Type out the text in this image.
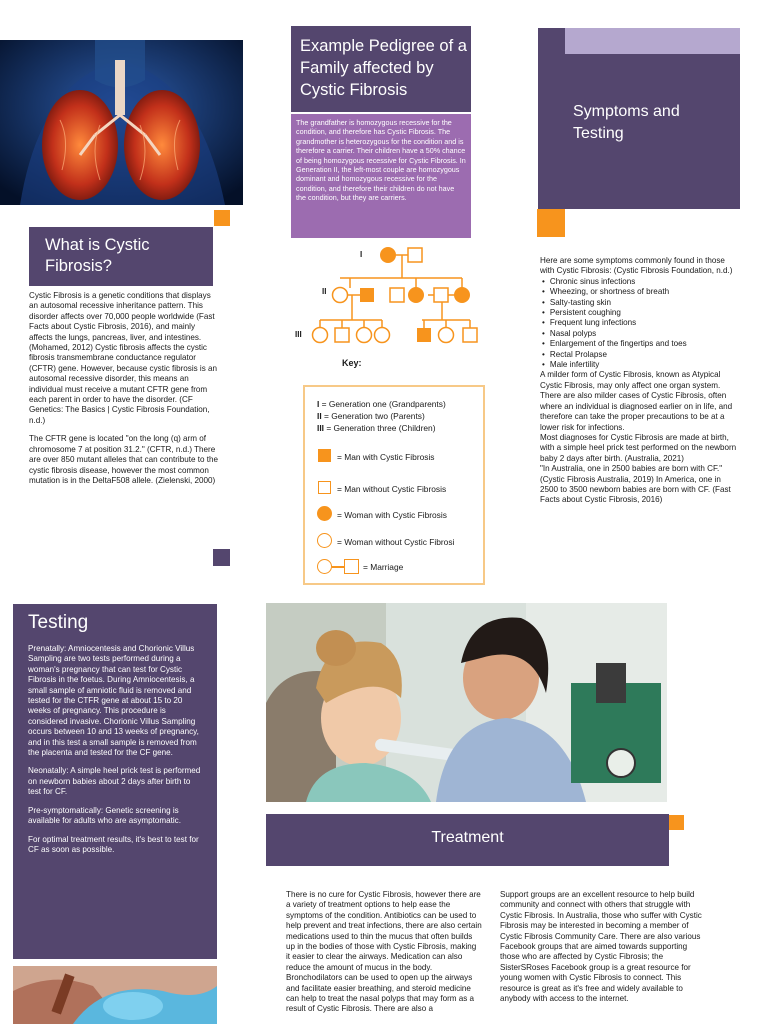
What is Cystic Fibrosis?

Cystic Fibrosis is a genetic conditions that displays an autosomal recessive inheritance pattern. This disorder affects over 70,000 people worldwide (Fast Facts about Cystic Fibrosis, 2016), and mainly affects the lungs, pancreas, liver, and intestines. (Mohamed, 2012) Cystic fibrosis affects the cystic fibrosis transmembrane conductance regulator (CFTR) gene. However, because cystic fibrosis is an autosomal recessive disorder, this means an individual must receive a mutant CFTR gene from each parent in order to have the disorder. (CF Genetics: The Basics | Cystic Fibrosis Foundation, n.d.)

The CFTR gene is located "on the long (q) arm of chromosome 7 at position 31.2." (CFTR, n.d.) There are over 850 mutant alleles that can contribute to the cystic fibrosis disease, however the most common mutation is in the DeltaF508 allele. (Zielenski, 2000)

Example Pedigree of a Family affected by Cystic Fibrosis
The grandfather is homozygous recessive for the condition, and therefore has Cystic Fibrosis. The grandmother is heterozygous for the condition and is therefore a carrier. Their children have a 50% chance of being homozygous recessive for Cystic Fibrosis. In Generation II, the left-most couple are homozygous dominant and homozygous recessive for the condition, and therefore their children do not have the condition, but they are carriers.
I
II
III
Key:
I = Generation one (Grandparents)
II = Generation two (Parents)
III = Generation three (Children)
= Man with Cystic Fibrosis
= Man without Cystic Fibrosis
= Woman with Cystic Fibrosis
= Woman without Cystic Fibrosi
= Marriage
Symptoms and Testing
Here are some symptoms commonly found in those with Cystic Fibrosis: (Cystic Fibrosis Foundation, n.d.)
• Chronic sinus infections
• Wheezing, or shortness of breath
• Salty-tasting skin
• Persistent coughing
• Frequent lung infections
• Nasal polyps
• Enlargement of the fingertips and toes
• Rectal Prolapse
• Male infertility
A milder form of Cystic Fibrosis, known as Atypical Cystic Fibrosis, may only affect one organ system. There are also milder cases of Cystic Fibrosis, often where an individual is diagnosed earlier on in life, and therefore can take the proper precautions to be at a lower risk for infections.
Most diagnoses for Cystic Fibrosis are made at birth, with a simple heel prick test performed on the newborn baby 2 days after birth. (Australia, 2021)
"In Australia, one in 2500 babies are born with CF." (Cystic Fibrosis Australia, 2019) In America, one in 2500 to 3500 newborn babies are born with CF. (Fast Facts about Cystic Fibrosis, 2016)
Testing

Prenatally: Amniocentesis and Chorionic Villus Sampling are two tests performed during a woman's pregnancy that can test for Cystic Fibrosis in the foetus. During Amniocentesis, a small sample of amniotic fluid is removed and tested for the CTFR gene at about 15 to 20 weeks of pregnancy. This procedure is considered invasive. Chorionic Villus Sampling occurs between 10 and 13 weeks of pregnancy, and in this test a small sample is removed from the placenta and tested for the CF gene.

Neonatally: A simple heel prick test is performed on newborn babies about 2 days after birth to test for CF.

Pre-symptomatically: Genetic screening is available for adults who are asymptomatic.

For optimal treatment results, it's best to test for CF as soon as possible.

Treatment
There is no cure for Cystic Fibrosis, however there are a variety of treatment options to help ease the symptoms of the condition. Antibiotics can be used to help prevent and treat infections, there are also certain medications used to thin the mucus that often builds up in the bodies of those with Cystic Fibrosis, making it easier to clear the airways. Medication can also reduce the amount of mucus in the body. Bronchodilators can be used to open up the airways and facilitate easier breathing, and steroid medicine can help to treat the nasal polyps that may form as a result of Cystic Fibrosis. There are also a
Support groups are an excellent resource to help build community and connect with others that struggle with Cystic Fibrosis. In Australia, those who suffer with Cystic Fibrosis may be interested in becoming a member of Cystic Fibrosis Community Care. There are also various Facebook groups that are aimed towards supporting those who are affected by Cystic Fibrosis; the SisterSRoses Facebook group is a great resource for young women with Cystic Fibrosis to connect. This resource is great as it's free and widely available to anybody with access to the internet.
